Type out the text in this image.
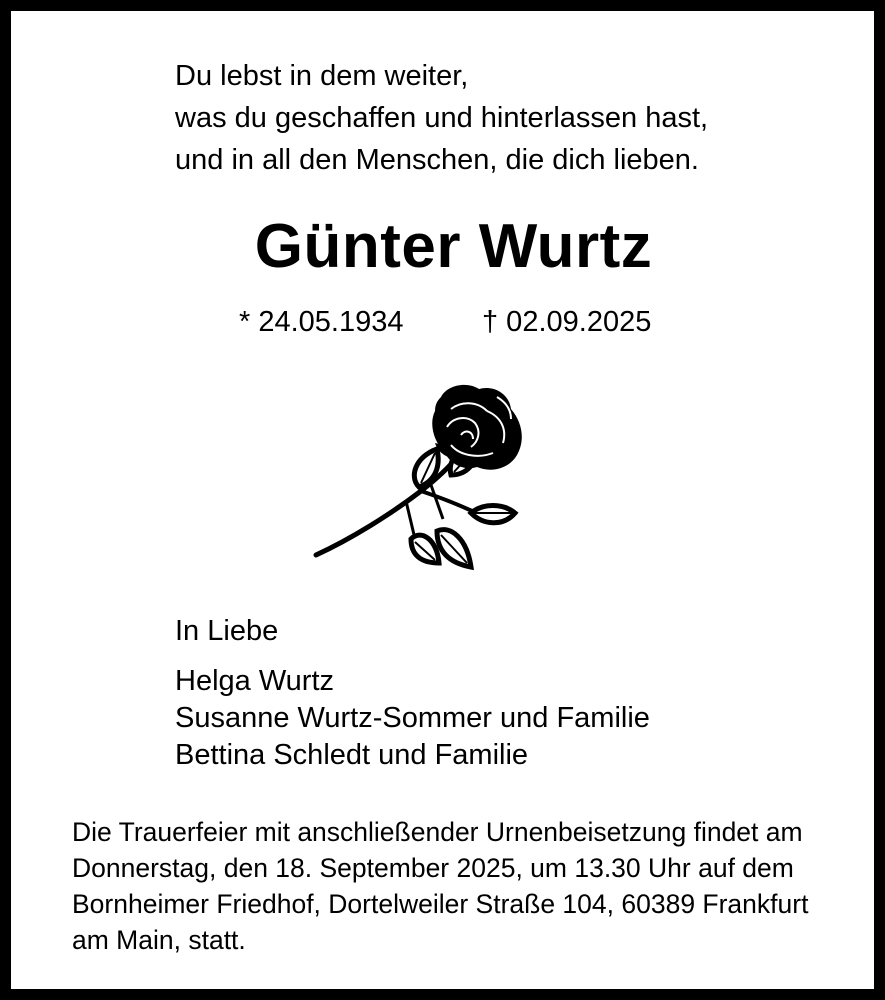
Du lebst in dem weiter,
was du geschaffen und hinterlassen hast,
und in all den Menschen, die dich lieben.
Günter Wurtz
* 24.05.1934	† 02.09.2025
In Liebe
Helga Wurtz
Susanne Wurtz-Sommer und Familie
Bettina Schledt und Familie
Die Trauerfeier mit anschließender Urnenbeisetzung findet am
Donnerstag, den 18. September 2025, um 13.30 Uhr auf dem
Bornheimer Friedhof, Dortelweiler Straße 104, 60389 Frankfurt
am Main, statt.
